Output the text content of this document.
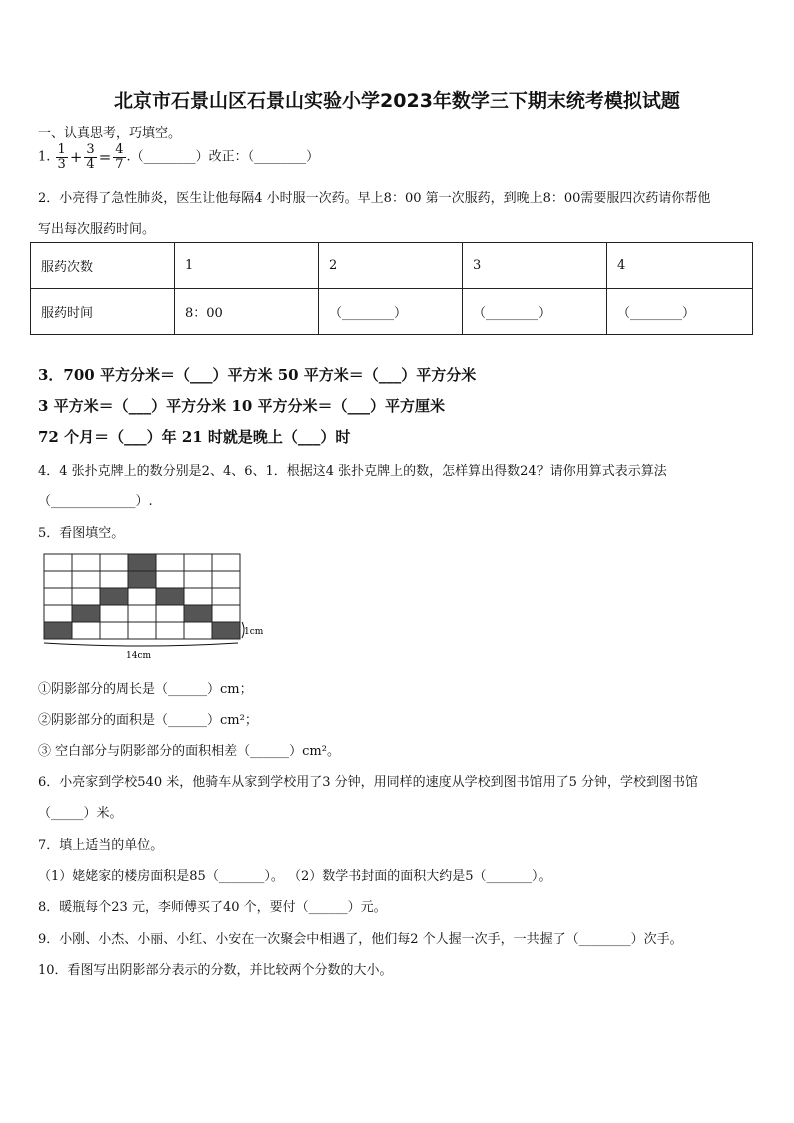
北京市石景山区石景山实验小学2023年数学三下期末统考模拟试题
一、认真思考，巧填空。
1. $\frac{1}{3} + \frac{3}{4} = \frac{4}{7}$ .（________）改正：（________）
2．小亮得了急性肺炎，医生让他每隔4 小时服一次药。早上8：00 第一次服药，到晚上8：00需要服四次药请你帮他
写出每次服药时间。
服药次数	1	2	3	4
服药时间	8：00	（________）	（________）	（________）
3．700 平方分米＝（___）平方米 50 平方米＝（___）平方分米
3 平方米＝（___）平方分米 10 平方分米＝（___）平方厘米
72 个月＝（___）年 21 时就是晚上（___）时
4．4 张扑克牌上的数分别是2、4、6、1．根据这4 张扑克牌上的数，怎样算出得数24？请你用算式表示算法
（_____________）.
5．看图填空。
1cm
14cm
①阴影部分的周长是（______）cm；
②阴影部分的面积是（______）cm²；
③ 空白部分与阴影部分的面积相差（______）cm²。
6．小亮家到学校540 米，他骑车从家到学校用了3 分钟，用同样的速度从学校到图书馆用了5 分钟，学校到图书馆
（_____）米。
7．填上适当的单位。
（1）姥姥家的楼房面积是85（_______）。 （2）数学书封面的面积大约是5（_______）。
8．暖瓶每个23 元，李师傅买了40 个，要付（______）元。
9．小刚、小杰、小丽、小红、小安在一次聚会中相遇了，他们每2 个人握一次手，一共握了（________）次手。
10．看图写出阴影部分表示的分数，并比较两个分数的大小。
